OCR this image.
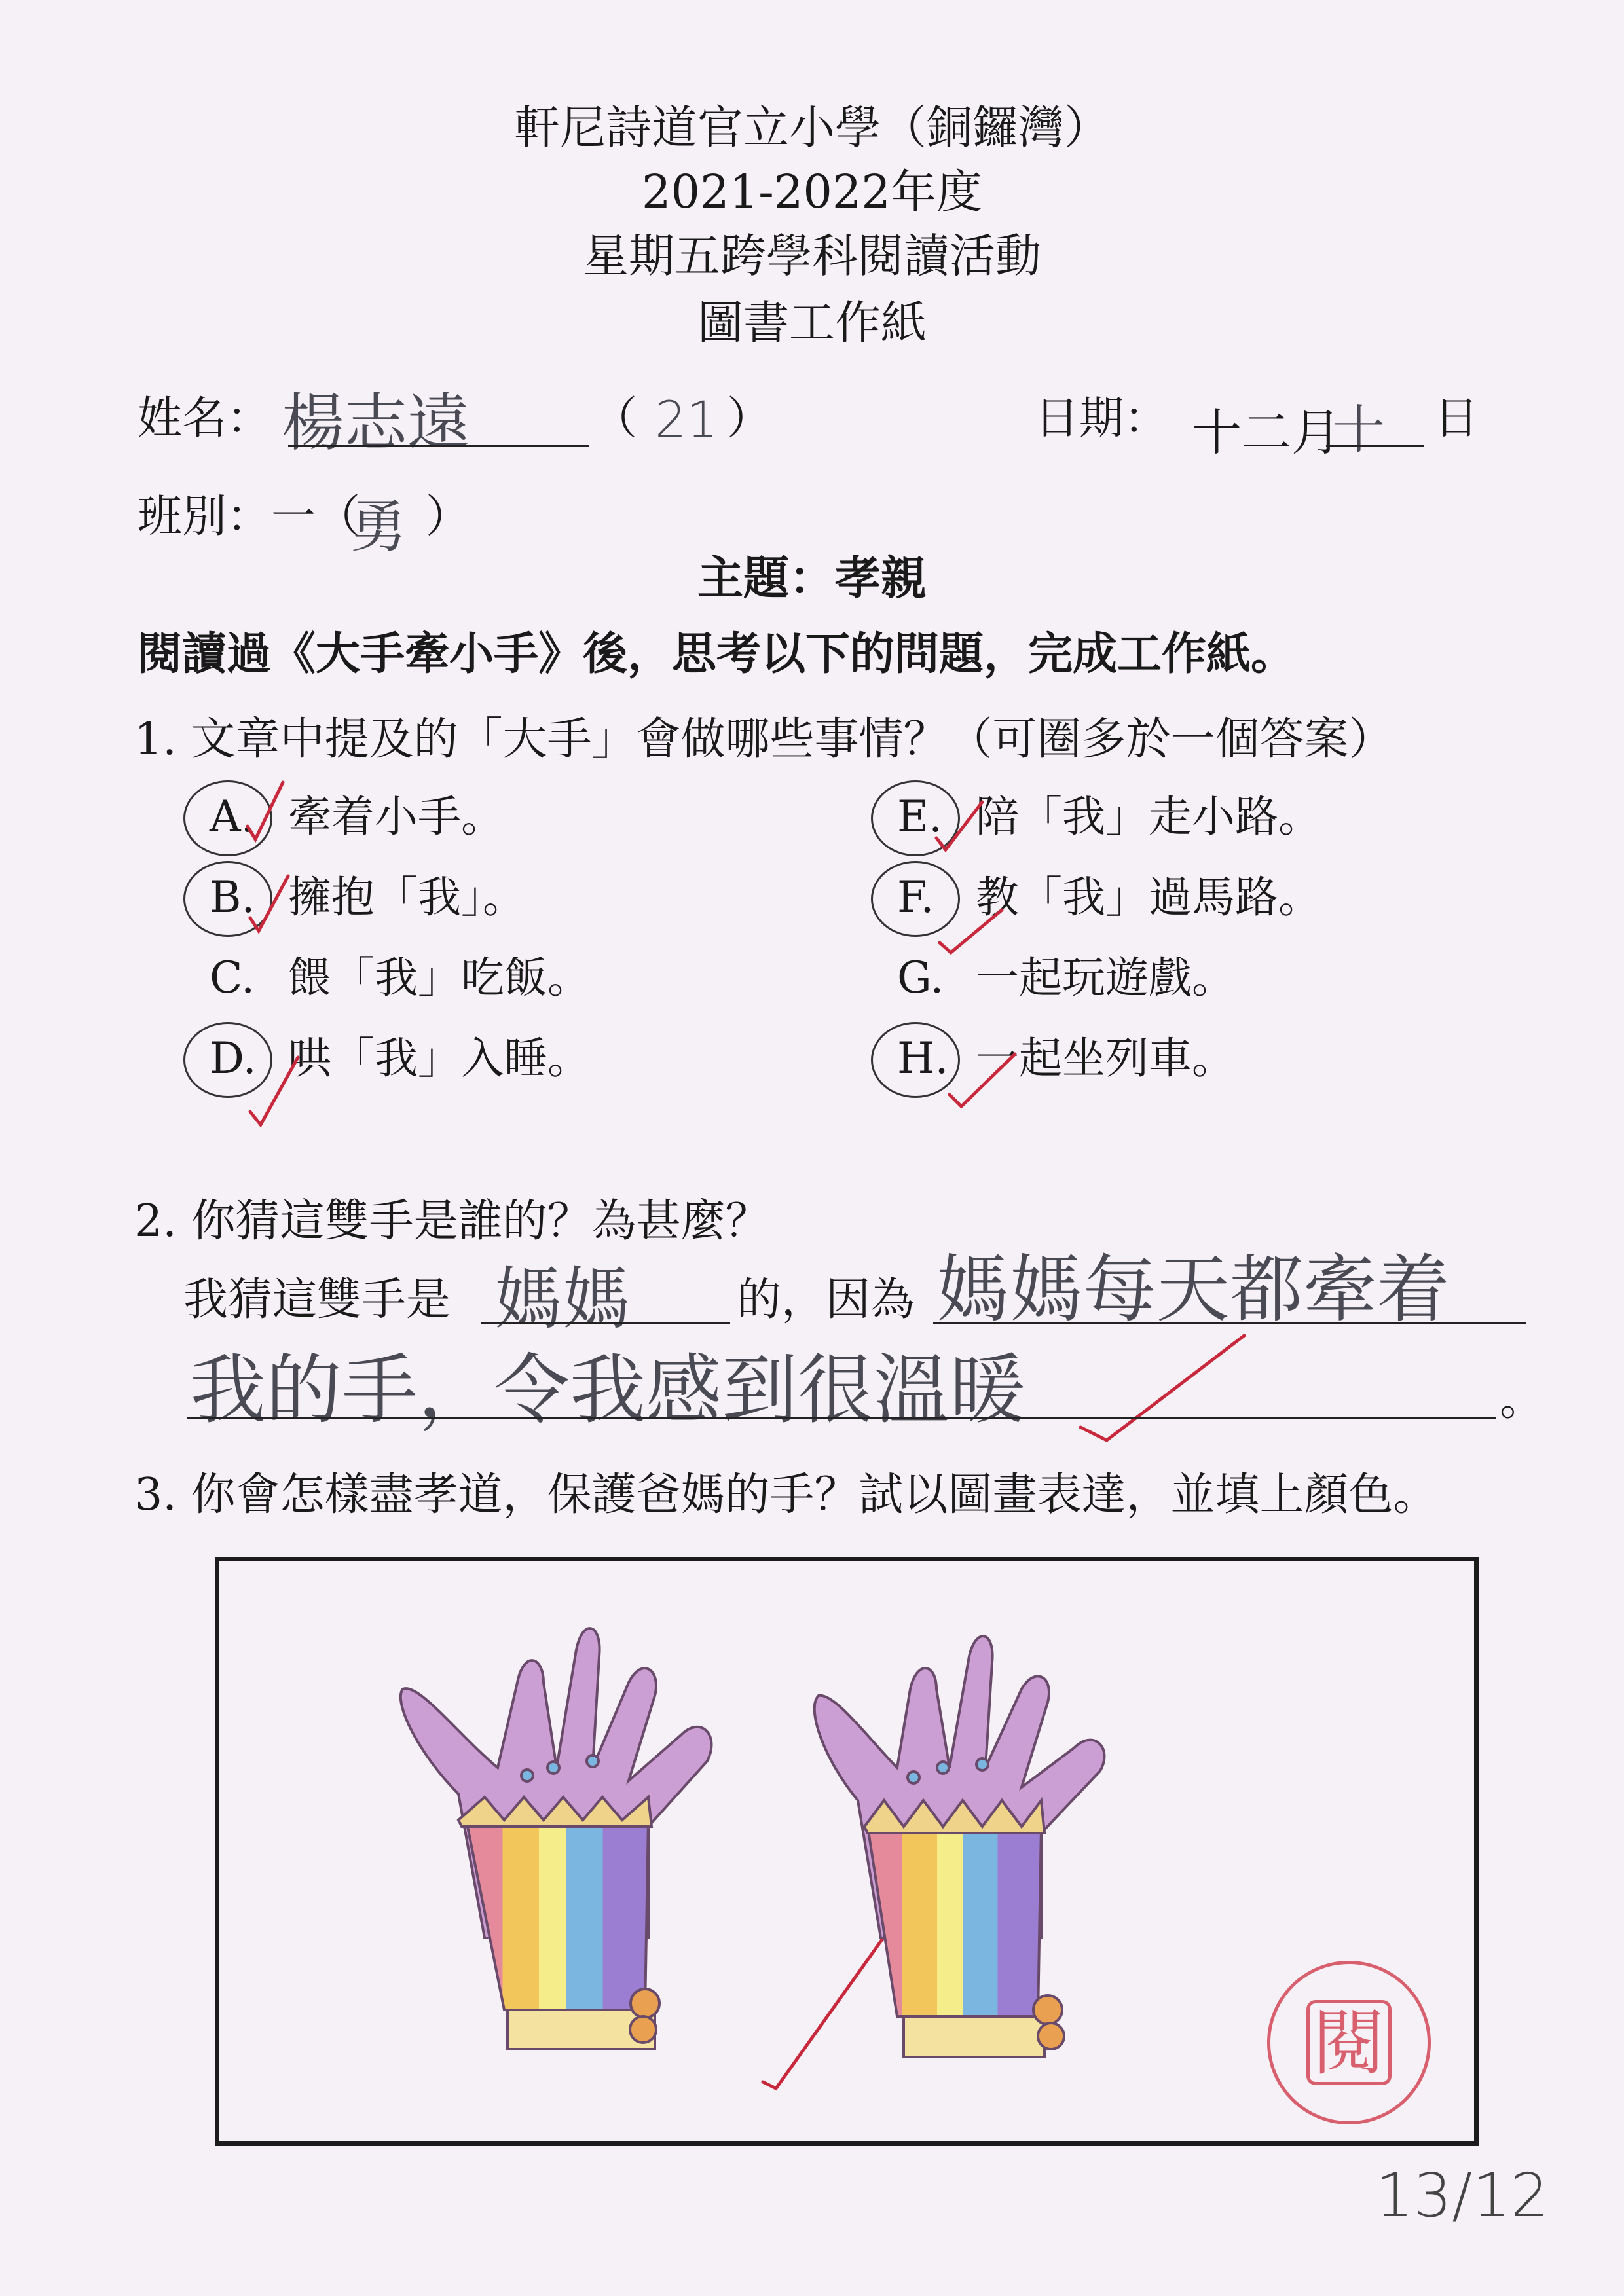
軒尼詩道官立小學（銅鑼灣）
2021-2022年度
星期五跨學科閱讀活動
圖書工作紙
姓名： 楊志遠	（ 21 ）	日期： 十二月
十 日
班別：一（
勇 ）
主題：孝親
閱讀過《大手牽小手》後，思考以下的問題，完成工作紙。
1. 文章中提及的「大手」會做哪些事情？（可圈多於一個答案）
A. 牽着小手。
B. 擁抱「我」。
C. 餵「我」吃飯。
D. 哄「我」入睡。
E. 陪「我」走小路。
F. 教「我」過馬路。
G. 一起玩遊戲。
H. 一起坐列車。
2. 你猜這雙手是誰的？為甚麼？
我猜這雙手是 媽媽 的，因為 媽媽每天都牽着
我的手，令我感到很溫暖	。
3. 你會怎樣盡孝道，保護爸媽的手？試以圖畫表達，並填上顏色。
閱
13/12
